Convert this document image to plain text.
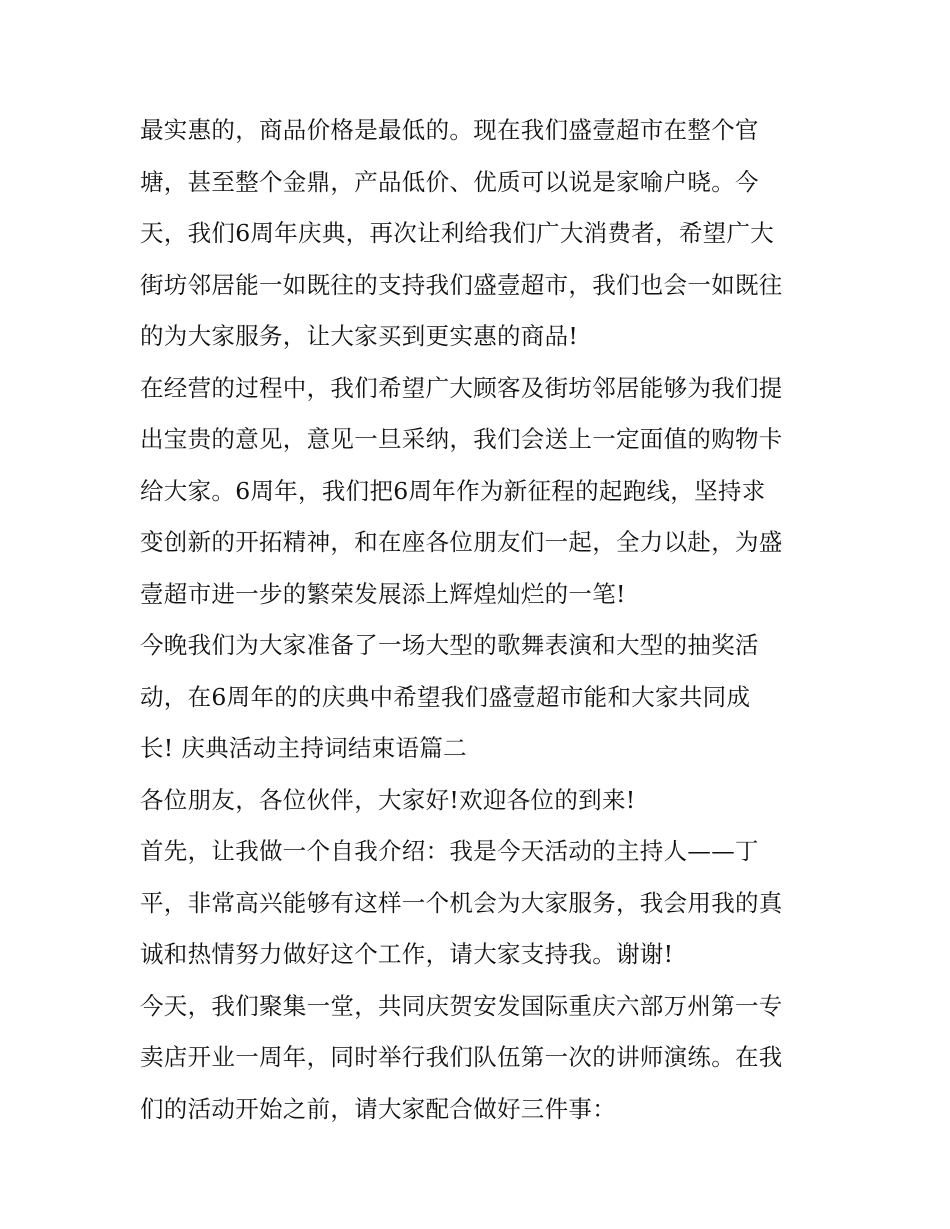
最实惠的，商品价格是最低的。现在我们盛壹超市在整个官
塘，甚至整个金鼎，产品低价、优质可以说是家喻户晓。今
天，我们6周年庆典，再次让利给我们广大消费者，希望广大
街坊邻居能一如既往的支持我们盛壹超市，我们也会一如既往
的为大家服务，让大家买到更实惠的商品!
在经营的过程中，我们希望广大顾客及街坊邻居能够为我们提
出宝贵的意见，意见一旦采纳，我们会送上一定面值的购物卡
给大家。6周年，我们把6周年作为新征程的起跑线，坚持求
变创新的开拓精神，和在座各位朋友们一起，全力以赴，为盛
壹超市进一步的繁荣发展添上辉煌灿烂的一笔!
今晚我们为大家准备了一场大型的歌舞表演和大型的抽奖活
动，在6周年的的庆典中希望我们盛壹超市能和大家共同成
长! 庆典活动主持词结束语篇二
各位朋友，各位伙伴，大家好!欢迎各位的到来!
首先，让我做一个自我介绍：我是今天活动的主持人——丁
平，非常高兴能够有这样一个机会为大家服务，我会用我的真
诚和热情努力做好这个工作，请大家支持我。谢谢!
今天，我们聚集一堂，共同庆贺安发国际重庆六部万州第一专
卖店开业一周年，同时举行我们队伍第一次的讲师演练。在我
们的活动开始之前，请大家配合做好三件事：
